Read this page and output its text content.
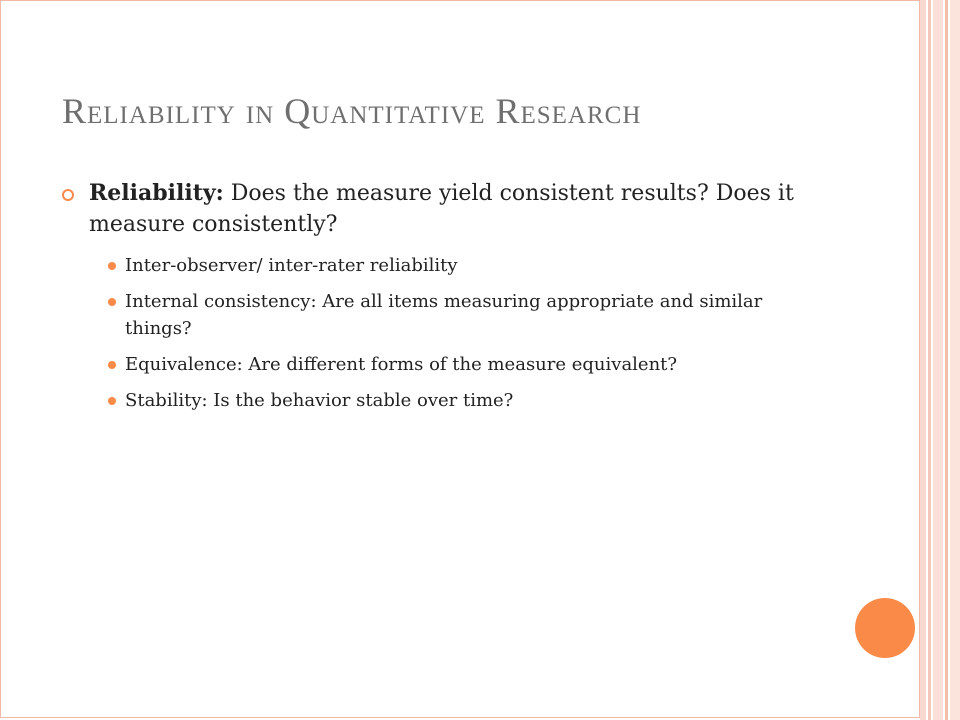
Reliability in Quantitative Research
Reliability: Does the measure yield consistent results? Does it measure consistently?
Inter-observer/ inter-rater reliability
Internal consistency: Are all items measuring appropriate and similar things?
Equivalence: Are different forms of the measure equivalent?
Stability: Is the behavior stable over time?
